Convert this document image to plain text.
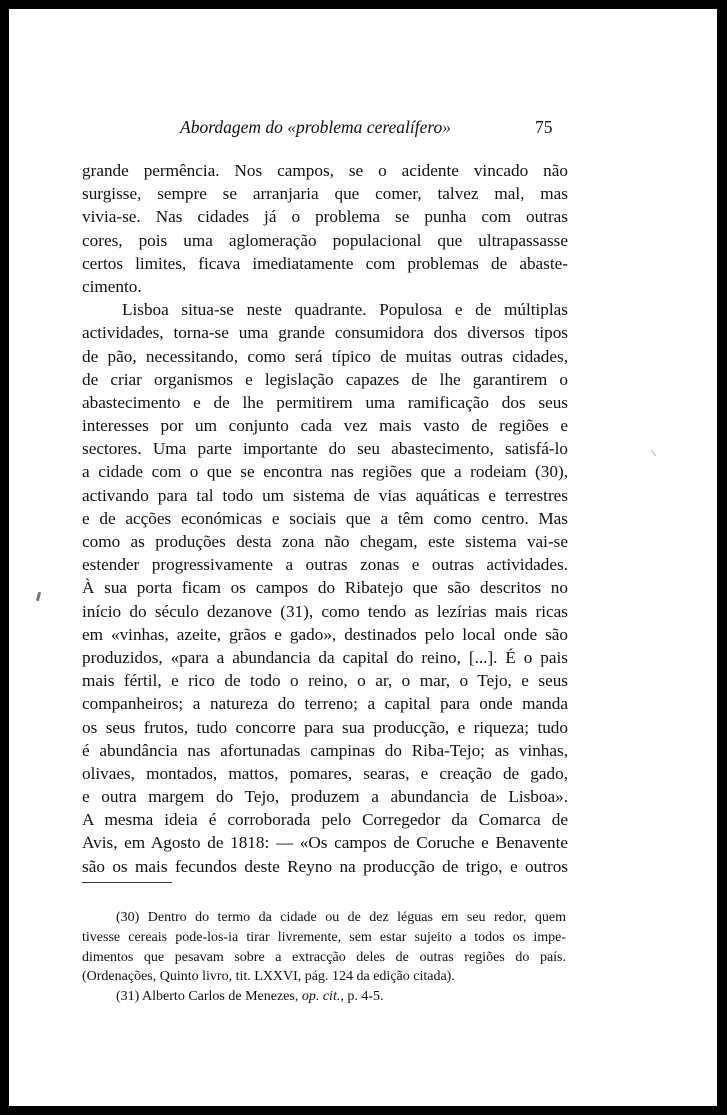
Abordagem do «problema cerealífero»	75
grande permência. Nos campos, se o acidente vincado não
surgisse, sempre se arranjaria que comer, talvez mal, mas
vivia-se. Nas cidades já o problema se punha com outras
cores, pois uma aglomeração populacional que ultrapassasse
certos limites, ficava imediatamente com problemas de abaste-
cimento.
Lisboa situa-se neste quadrante. Populosa e de múltiplas
actividades, torna-se uma grande consumidora dos diversos tipos
de pão, necessitando, como será típico de muitas outras cidades,
de criar organismos e legislação capazes de lhe garantirem o
abastecimento e de lhe permitirem uma ramificação dos seus
interesses por um conjunto cada vez mais vasto de regiões e
sectores. Uma parte importante do seu abastecimento, satisfá-lo
a cidade com o que se encontra nas regiões que a rodeiam (30),
activando para tal todo um sistema de vias aquáticas e terrestres
e de acções económicas e sociais que a têm como centro. Mas
como as produções desta zona não chegam, este sistema vai-se
estender progressivamente a outras zonas e outras actividades.
À sua porta ficam os campos do Ribatejo que são descritos no
início do século dezanove (31), como tendo as lezírias mais ricas
em «vinhas, azeite, grãos e gado», destinados pelo local onde são
produzidos, «para a abundancia da capital do reino, [...]. É o pais
mais fértil, e rico de todo o reino, o ar, o mar, o Tejo, e seus
companheiros; a natureza do terreno; a capital para onde manda
os seus frutos, tudo concorre para sua producção, e riqueza; tudo
é abundância nas afortunadas campinas do Riba-Tejo; as vinhas,
olivaes, montados, mattos, pomares, searas, e creação de gado,
e outra margem do Tejo, produzem a abundancia de Lisboa».
A mesma ideia é corroborada pelo Corregedor da Comarca de
Avis, em Agosto de 1818: — «Os campos de Coruche e Benavente
são os mais fecundos deste Reyno na producção de trigo, e outros
(30) Dentro do termo da cidade ou de dez léguas em seu redor, quem
tivesse cereais pode-los-ia tirar livremente, sem estar sujeito a todos os impe-
dimentos que pesavam sobre a extracção deles de outras regiões do país.
(Ordenações, Quinto livro, tit. LXXVI, pág. 124 da edição citada).
(31) Alberto Carlos de Menezes, op. cit., p. 4-5.
